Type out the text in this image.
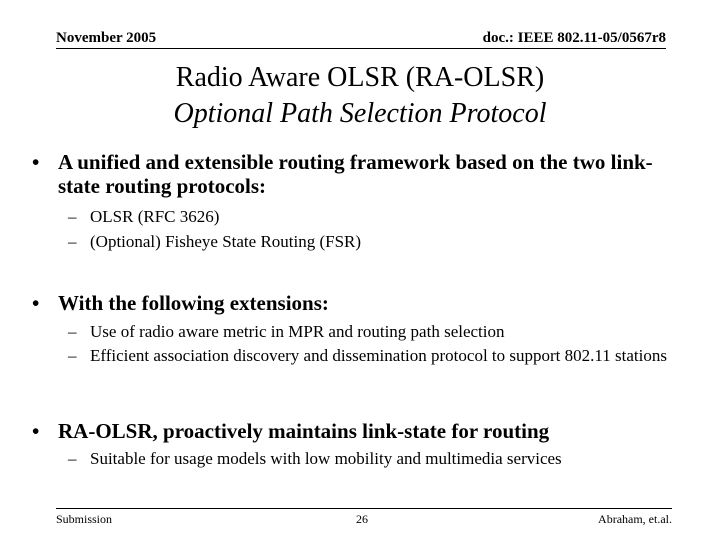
November 2005	doc.: IEEE 802.11-05/0567r8
Radio Aware OLSR (RA-OLSR)
Optional Path Selection Protocol
• A unified and extensible routing framework based on the two link-state routing protocols:
– OLSR (RFC 3626)
– (Optional) Fisheye State Routing (FSR)
• With the following extensions:
– Use of radio aware metric in MPR and routing path selection
– Efficient association discovery and dissemination protocol to support 802.11 stations
• RA-OLSR, proactively maintains link-state for routing
– Suitable for usage models with low mobility and multimedia services
Submission	26	Abraham, et.al.
